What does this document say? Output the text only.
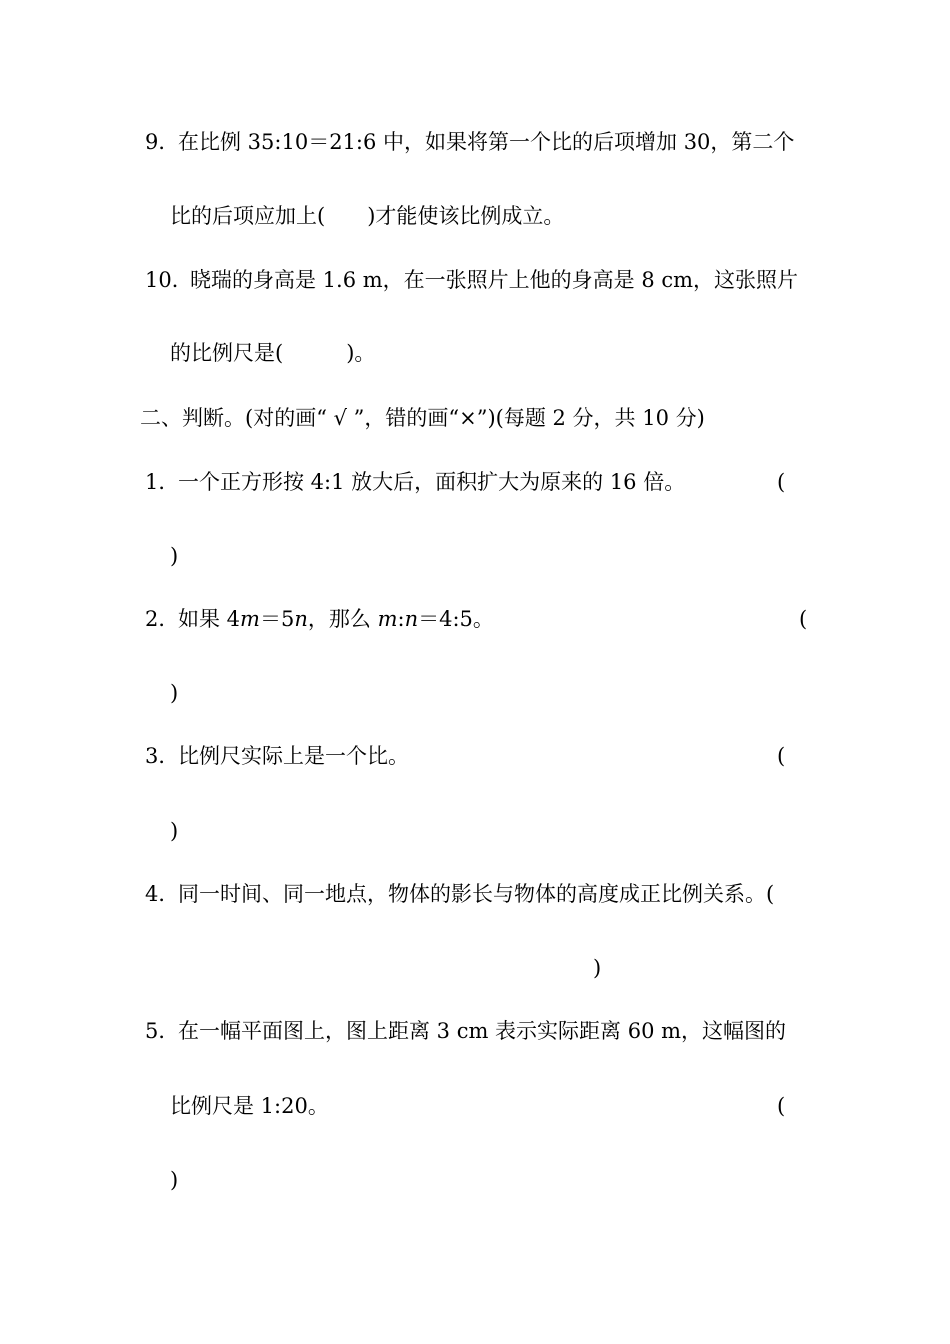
9．
在比例 35:10＝21:6 中，如果将第一个比的后项增加 30，第二个
比的后项应加上(　　)才能使该比例成立。
10．
晓瑞的身高是 1.6 m，在一张照片上他的身高是 8 cm，这张照片
的比例尺是(　　　)。
二、判断。(对的画“ √ ”，错的画“×”)(每题 2 分，共 10 分)
1．
一个正方形按 4:1 放大后，面积扩大为原来的 16 倍。	(
)
2．
如果 4m＝5n，那么 m:n＝4:5。	(
)
3．
比例尺实际上是一个比。	(
)
4．
同一时间、同一地点，物体的影长与物体的高度成正比例关系。(
)
5．
在一幅平面图上，图上距离 3 cm 表示实际距离 60 m，这幅图的
比例尺是 1:20。	(
)
